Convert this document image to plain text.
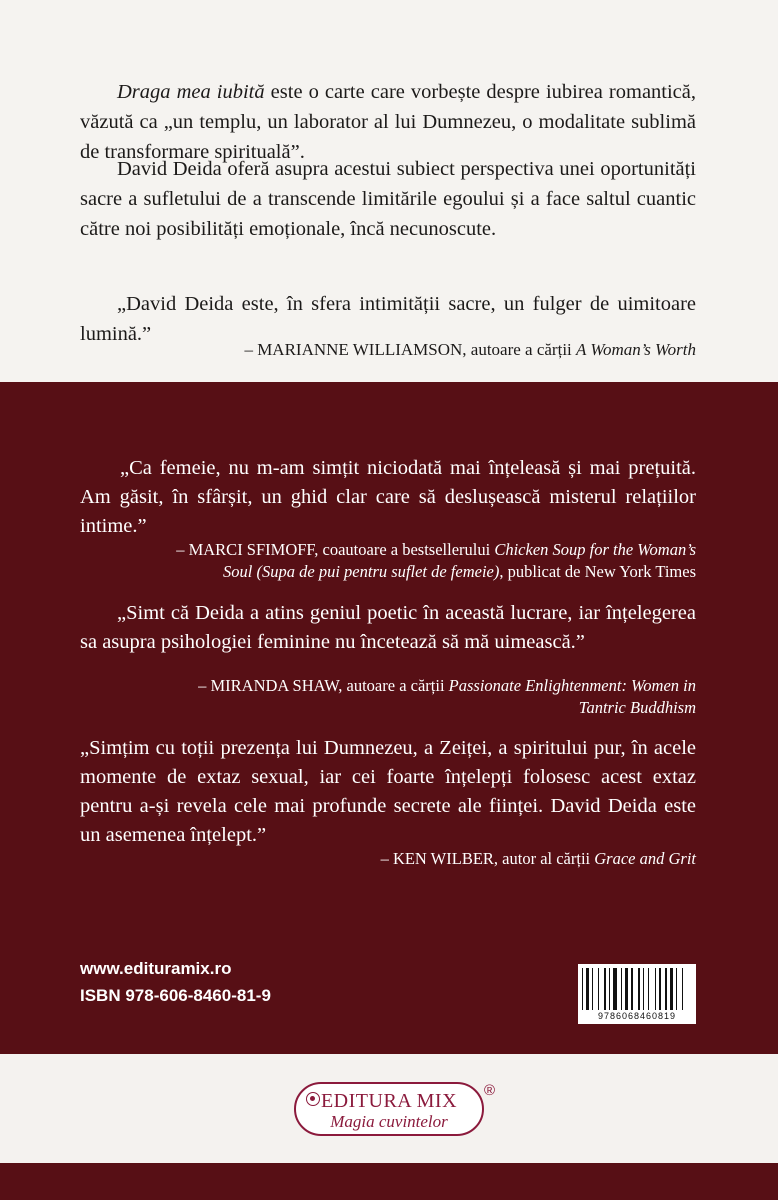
Draga mea iubită este o carte care vorbește despre iubirea romantică, văzută ca „un templu, un laborator al lui Dumnezeu, o modalitate sublimă de transformare spirituală”.

David Deida oferă asupra acestui subiect perspectiva unei oportunități sacre a sufletului de a transcende limitările egoului și a face saltul cuantic către noi posibilități emoționale, încă necunoscute.

„David Deida este, în sfera intimității sacre, un fulger de uimitoare lumină.”

– MARIANNE WILLIAMSON, autoare a cărții A Woman’s Worth

„Ca femeie, nu m-am simțit niciodată mai înțeleasă și mai prețuită. Am găsit, în sfârșit, un ghid clar care să deslușească misterul relațiilor intime.”

– MARCI SFIMOFF, coautoare a bestsellerului Chicken Soup for the Woman’s Soul (Supa de pui pentru suflet de femeie), publicat de New York Times

„Simt că Deida a atins geniul poetic în această lucrare, iar înțelegerea sa asupra psihologiei feminine nu încetează să mă uimească.”

– MIRANDA SHAW, autoare a cărții Passionate Enlightenment: Women in Tantric Buddhism

„Simțim cu toții prezența lui Dumnezeu, a Zeiței, a spiritului pur, în acele momente de extaz sexual, iar cei foarte înțelepți folosesc acest extaz pentru a-și revela cele mai profunde secrete ale ființei. David Deida este un asemenea înțelept.”

– KEN WILBER, autor al cărții Grace and Grit

www.edituramix.ro
ISBN 978-606-8460-81-9
9786068460819
EDITURA MIX
Magia cuvintelor
®
